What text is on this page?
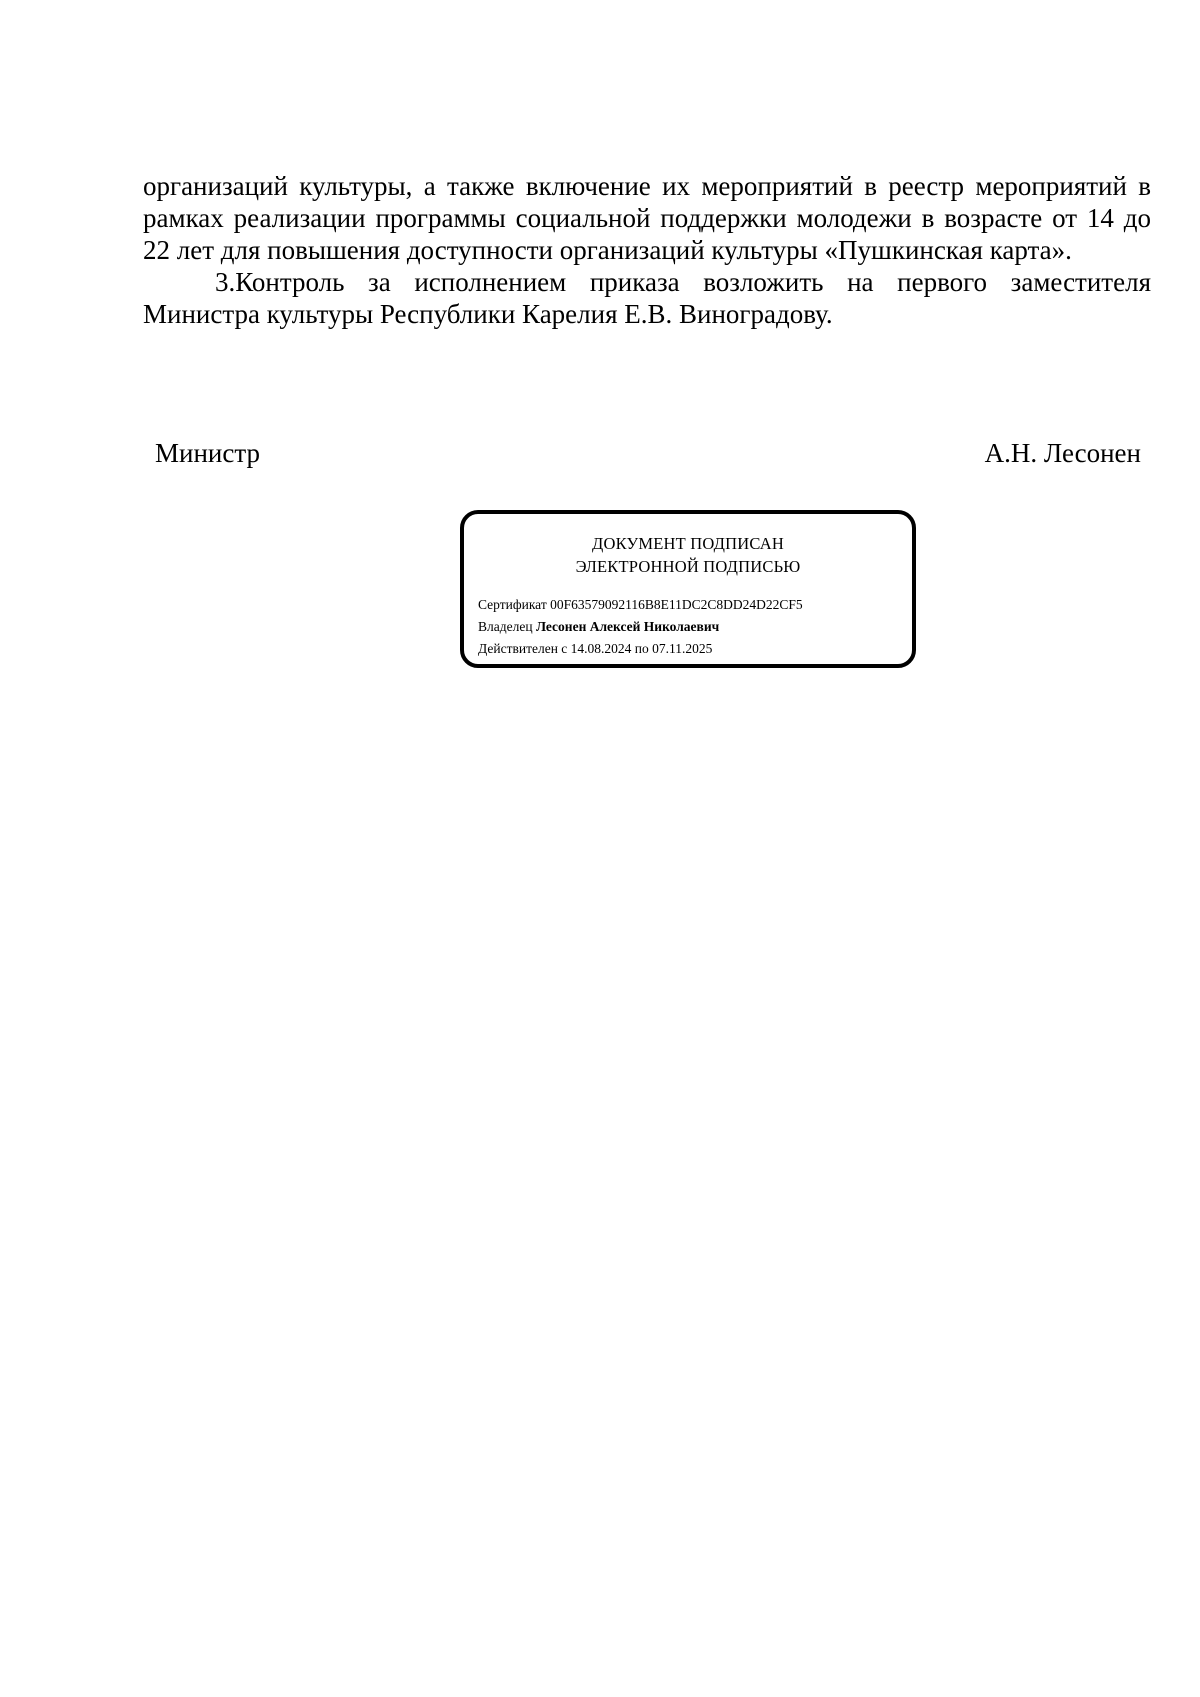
организаций культуры, а также включение их мероприятий в реестр мероприятий в рамках реализации программы социальной поддержки молодежи в возрасте от 14 до 22 лет для повышения доступности организаций культуры «Пушкинская карта».

3.Контроль за исполнением приказа возложить на первого заместителя Министра культуры Республики Карелия Е.В. Виноградову.

Министр	А.Н. Лесонен
ДОКУМЕНТ ПОДПИСАН
ЭЛЕКТРОННОЙ ПОДПИСЬЮ
Сертификат 00F63579092116B8E11DC2C8DD24D22CF5
Владелец Лесонен Алексей Николаевич
Действителен с 14.08.2024 по 07.11.2025
